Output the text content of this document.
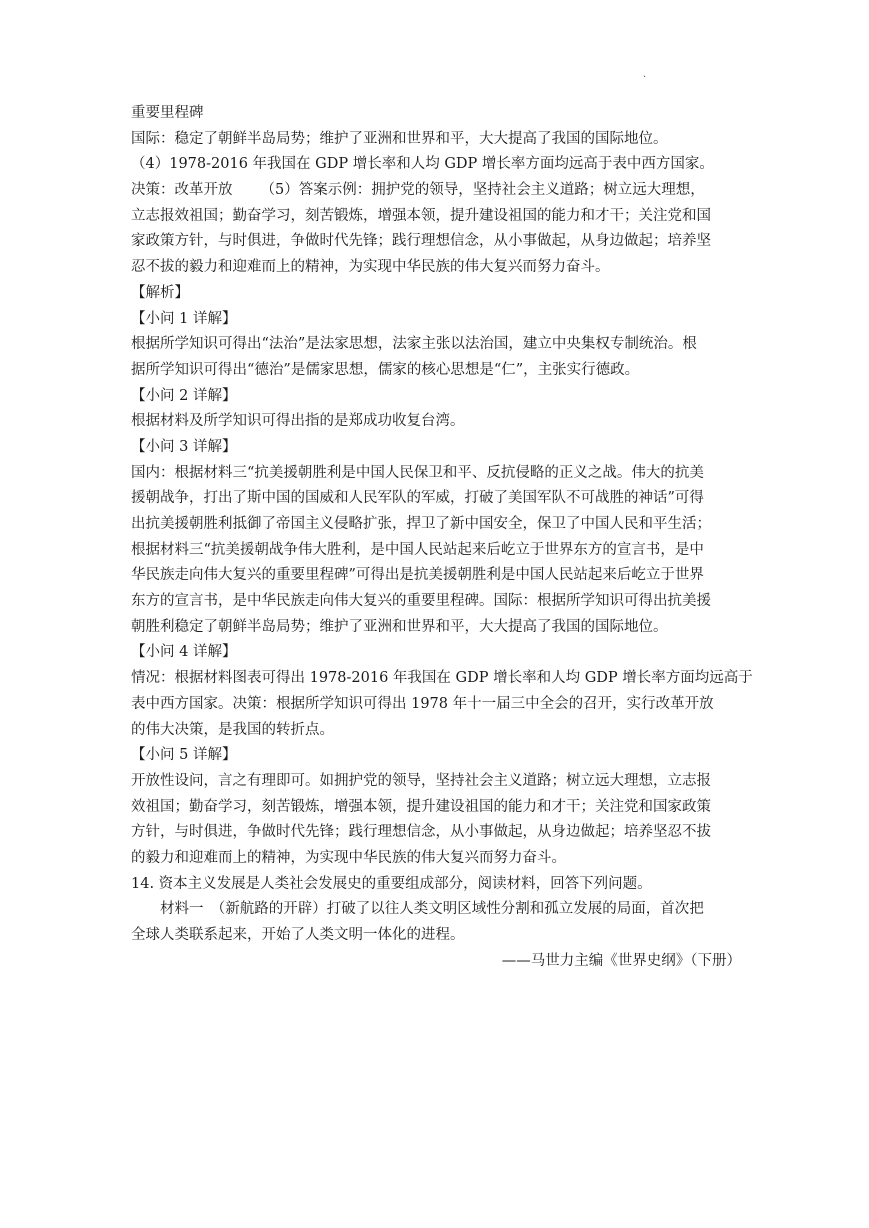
·
重要里程碑
国际：稳定了朝鲜半岛局势；维护了亚洲和世界和平，大大提高了我国的国际地位。
（4）1978-2016 年我国在 GDP 增长率和人均 GDP 增长率方面均远高于表中西方国家。
决策：改革开放 （5）答案示例：拥护党的领导，坚持社会主义道路；树立远大理想，
立志报效祖国；勤奋学习，刻苦锻炼，增强本领，提升建设祖国的能力和才干；关注党和国
家政策方针，与时俱进，争做时代先锋；践行理想信念，从小事做起，从身边做起；培养坚
忍不拔的毅力和迎难而上的精神，为实现中华民族的伟大复兴而努力奋斗。
【解析】
【小问 1 详解】
根据所学知识可得出“法治”是法家思想，法家主张以法治国，建立中央集权专制统治。根
据所学知识可得出“德治”是儒家思想，儒家的核心思想是“仁”，主张实行德政。
【小问 2 详解】
根据材料及所学知识可得出指的是郑成功收复台湾。
【小问 3 详解】
国内：根据材料三“抗美援朝胜利是中国人民保卫和平、反抗侵略的正义之战。伟大的抗美
援朝战争，打出了斯中国的国威和人民军队的军威，打破了美国军队不可战胜的神话”可得
出抗美援朝胜利抵御了帝国主义侵略扩张，捍卫了新中国安全，保卫了中国人民和平生活；
根据材料三“抗美援朝战争伟大胜利，是中国人民站起来后屹立于世界东方的宣言书，是中
华民族走向伟大复兴的重要里程碑”可得出是抗美援朝胜利是中国人民站起来后屹立于世界
东方的宣言书，是中华民族走向伟大复兴的重要里程碑。国际：根据所学知识可得出抗美援
朝胜利稳定了朝鲜半岛局势；维护了亚洲和世界和平，大大提高了我国的国际地位。
【小问 4 详解】
情况：根据材料图表可得出 1978-2016 年我国在 GDP 增长率和人均 GDP 增长率方面均远高于
表中西方国家。决策：根据所学知识可得出 1978 年十一届三中全会的召开，实行改革开放
的伟大决策，是我国的转折点。
【小问 5 详解】
开放性设问，言之有理即可。如拥护党的领导，坚持社会主义道路；树立远大理想，立志报
效祖国；勤奋学习，刻苦锻炼，增强本领，提升建设祖国的能力和才干；关注党和国家政策
方针，与时俱进，争做时代先锋；践行理想信念，从小事做起，从身边做起；培养坚忍不拔
的毅力和迎难而上的精神，为实现中华民族的伟大复兴而努力奋斗。
14. 资本主义发展是人类社会发展史的重要组成部分，阅读材料，回答下列问题。
材料一　（新航路的开辟）打破了以往人类文明区域性分割和孤立发展的局面，首次把
全球人类联系起来，开始了人类文明一体化的进程。
——马世力主编《世界史纲》（下册）
